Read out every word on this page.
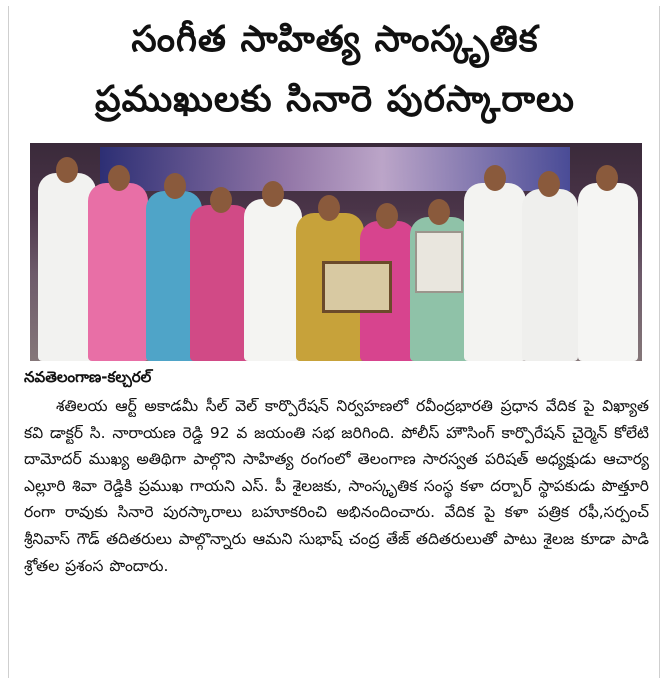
సంగీత సాహిత్య సాంస్కృతిక
ప్రముఖులకు సినారె పురస్కారాలు
నవతెలంగాణ-కల్చరల్
శతిలయ ఆర్ట్ అకాడమీ సీల్ వెల్ కార్పొరేషన్ నిర్వహణలో రవీంద్రభారతి ప్రధాన వేదిక పై విఖ్యాత కవి డాక్టర్ సి. నారాయణ రెడ్డి 92 వ జయంతి సభ జరిగింది. పోలీస్ హౌసింగ్ కార్పొరేషన్ చైర్మెన్ కోలేటి దామోదర్ ముఖ్య అతిథిగా పాల్గొని సాహిత్య రంగంలో తెలంగాణ సారస్వత పరిషత్ అధ్యక్షుడు ఆచార్య ఎల్లూరి శివా రెడ్డికి ప్రముఖ గాయని ఎస్. పీ శైలజకు, సాంస్కృతిక సంస్థ కళా దర్బార్ స్థాపకుడు పొత్తూరి రంగా రావుకు సినారె పురస్కారాలు బహూకరించి అభినందించారు. వేదిక పై కళా పత్రిక రఫీ,సర్పంచ్ శ్రీనివాస్ గౌడ్ తదితరులు పాల్గొన్నారు ఆమని సుభాష్ చంద్ర తేజ్ తదితరులుతో పాటు శైలజ కూడా పాడి శ్రోతల ప్రశంస పొందారు.
